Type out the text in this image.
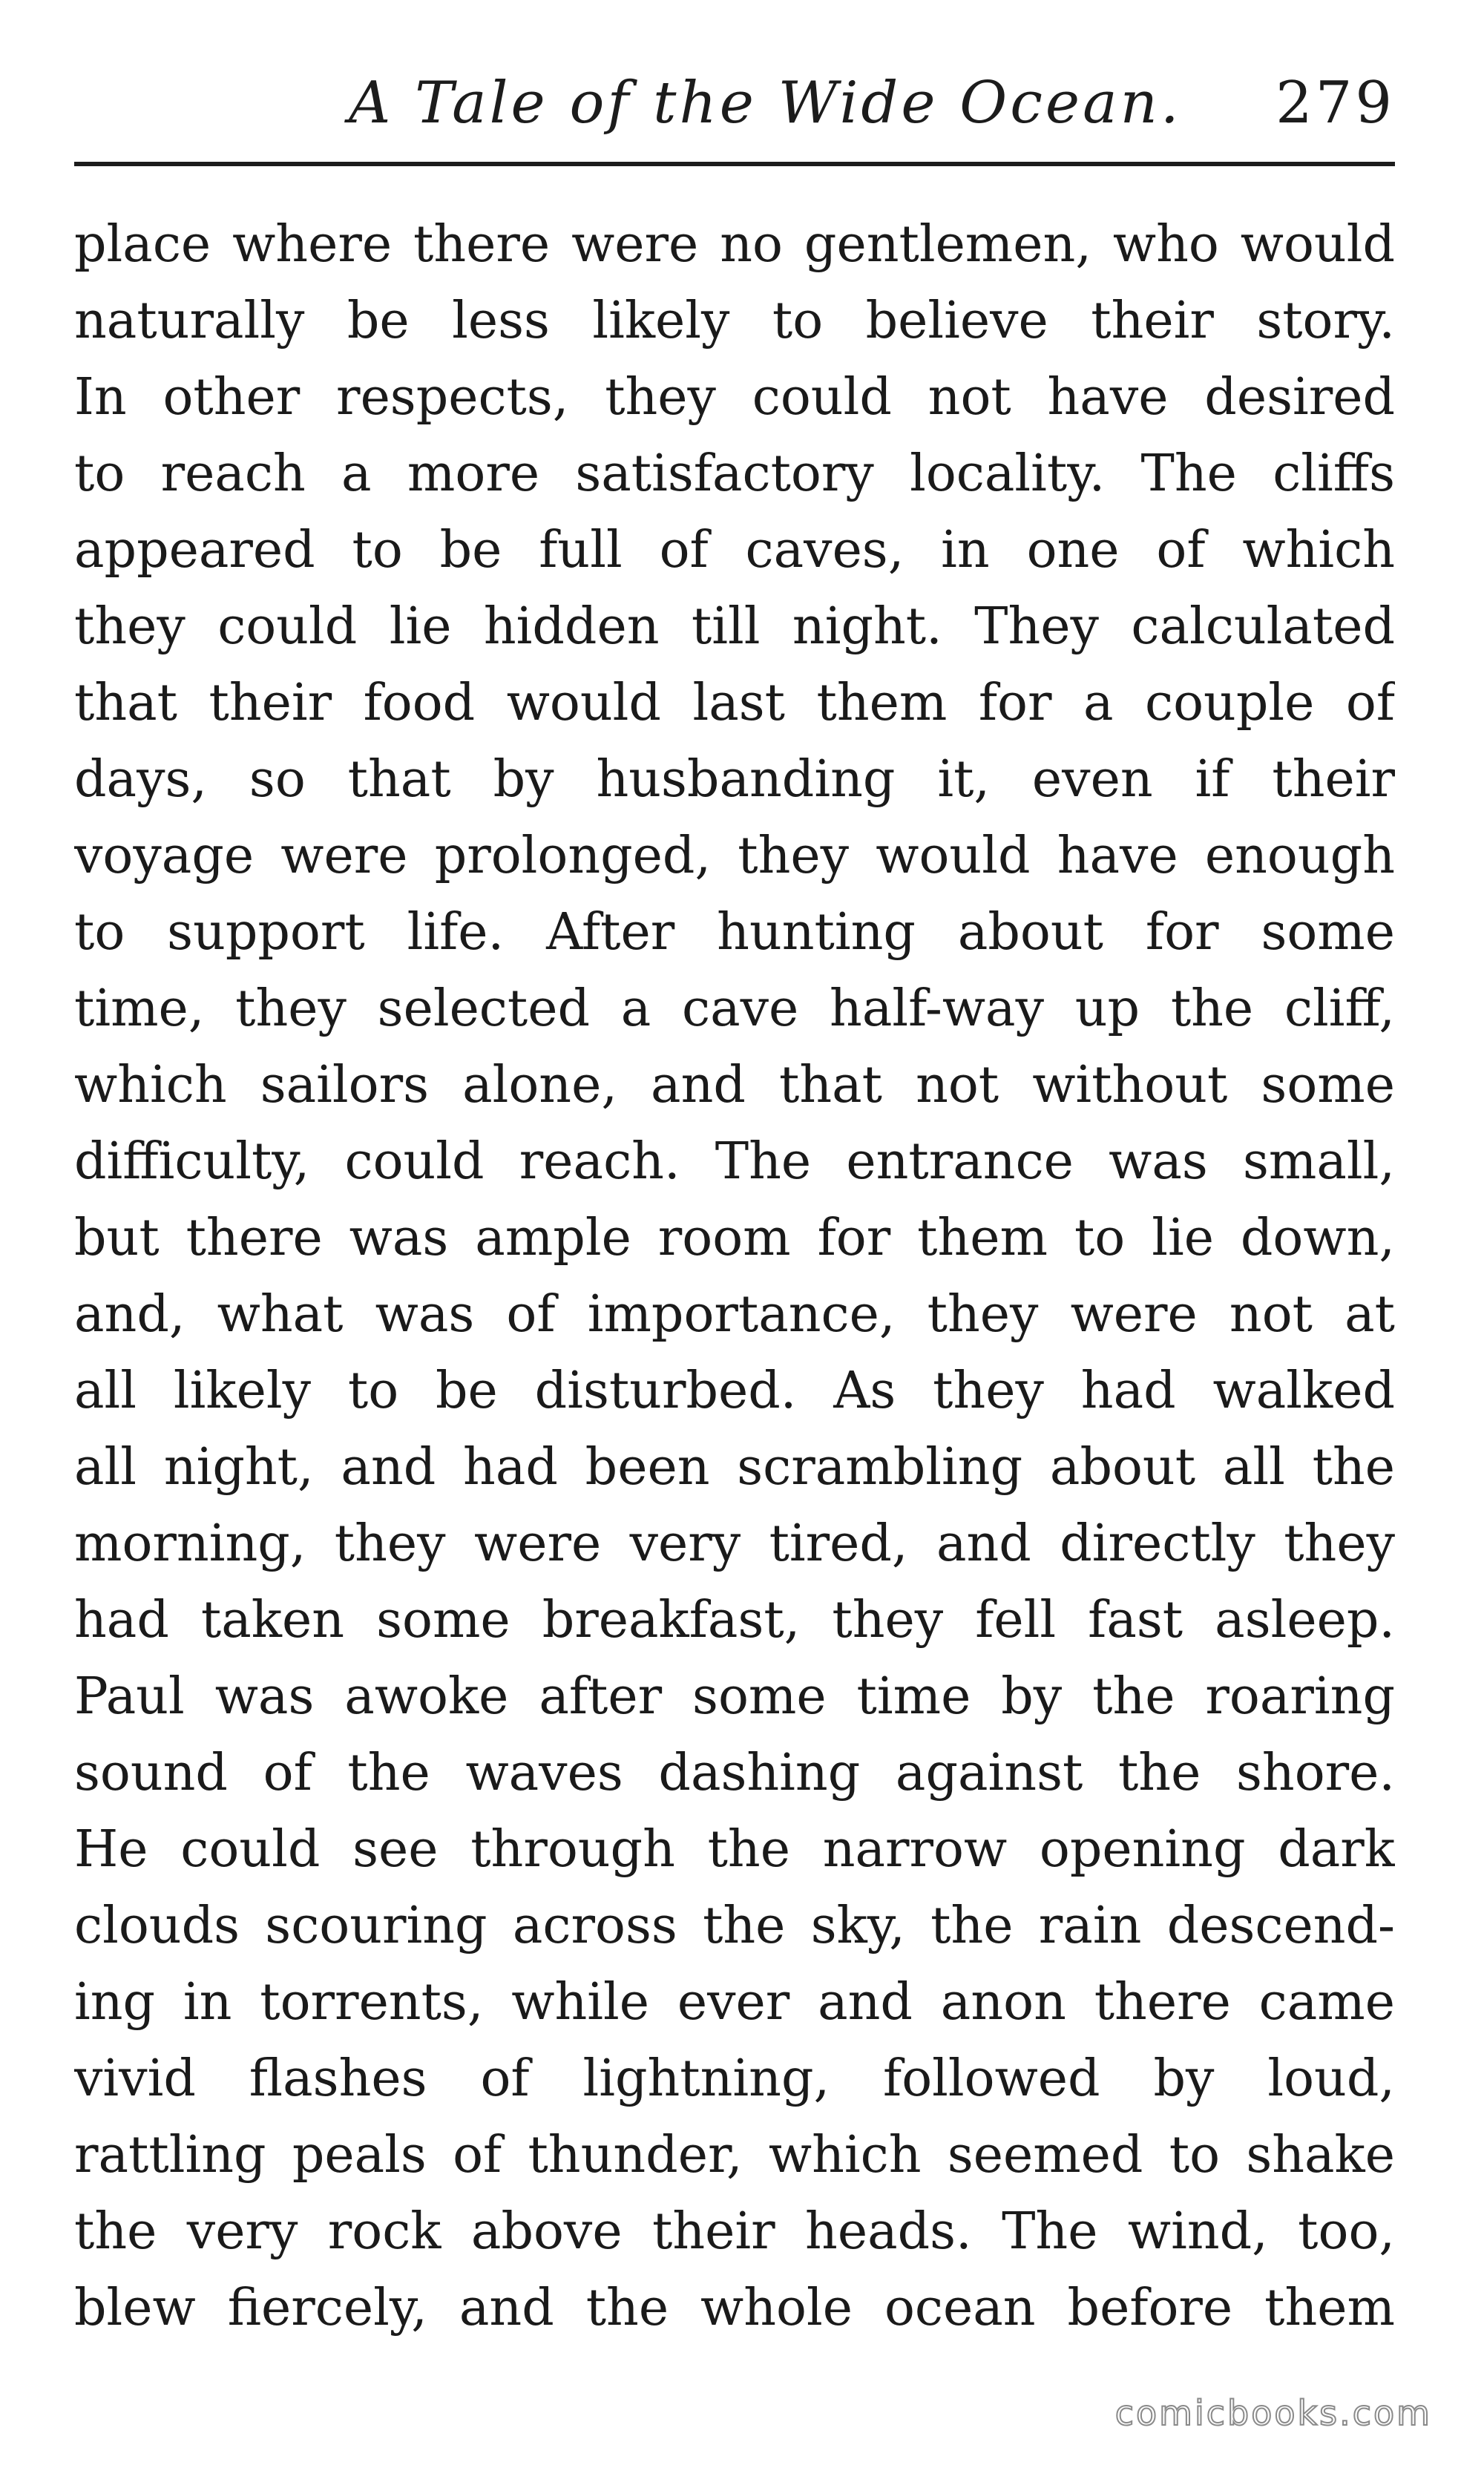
A Tale of the Wide Ocean. 279
place where there were no gentlemen, who would
naturally be less likely to believe their story.
In other respects, they could not have desired
to reach a more satisfactory locality. The cliffs
appeared to be full of caves, in one of which
they could lie hidden till night. They calculated
that their food would last them for a couple of
days, so that by husbanding it, even if their
voyage were prolonged, they would have enough
to support life. After hunting about for some
time, they selected a cave half-way up the cliff,
which sailors alone, and that not without some
difficulty, could reach. The entrance was small,
but there was ample room for them to lie down,
and, what was of importance, they were not at
all likely to be disturbed. As they had walked
all night, and had been scrambling about all the
morning, they were very tired, and directly they
had taken some breakfast, they fell fast asleep.
Paul was awoke after some time by the roaring
sound of the waves dashing against the shore.
He could see through the narrow opening dark
clouds scouring across the sky, the rain descend-
ing in torrents, while ever and anon there came
vivid flashes of lightning, followed by loud,
rattling peals of thunder, which seemed to shake
the very rock above their heads. The wind, too,
blew fiercely, and the whole ocean before them
comicbooks.com
